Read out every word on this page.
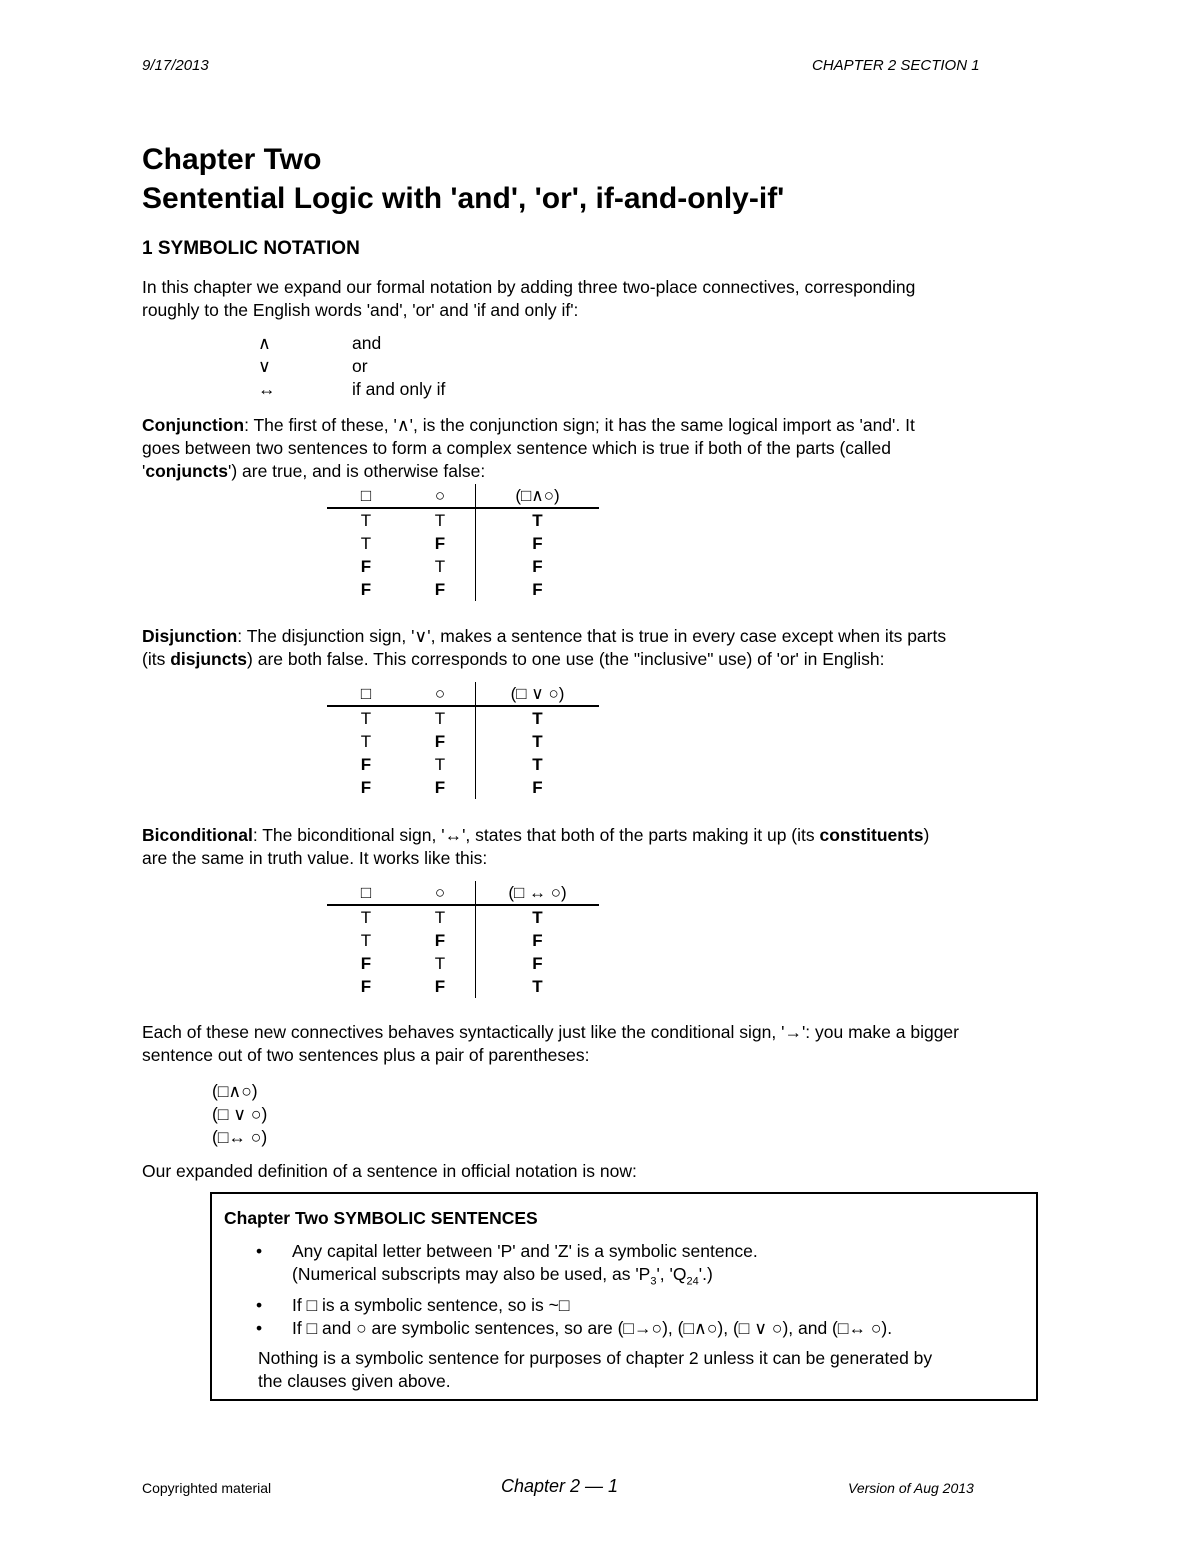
9/17/2013	CHAPTER 2 SECTION 1
Chapter Two
Sentential Logic with 'and', 'or', if-and-only-if'
1 SYMBOLIC NOTATION
In this chapter we expand our formal notation by adding three two-place connectives, corresponding
roughly to the English words 'and', 'or' and 'if and only if':
∧	and
∨	or
↔	if and only if
Conjunction: The first of these, '∧', is the conjunction sign; it has the same logical import as 'and'. It
goes between two sentences to form a complex sentence which is true if both of the parts (called
'conjuncts') are true, and is otherwise false:
□	○	(□∧○)
T	T	T
T	F	F
F	T	F
F	F	F
Disjunction: The disjunction sign, '∨', makes a sentence that is true in every case except when its parts
(its disjuncts) are both false. This corresponds to one use (the "inclusive" use) of 'or' in English:
□	○	(□ ∨ ○)
T	T	T
T	F	T
F	T	T
F	F	F
Biconditional: The biconditional sign, '↔', states that both of the parts making it up (its constituents)
are the same in truth value. It works like this:
□	○	(□ ↔ ○)
T	T	T
T	F	F
F	T	F
F	F	T
Each of these new connectives behaves syntactically just like the conditional sign, '→': you make a bigger
sentence out of two sentences plus a pair of parentheses:
(□∧○)
(□ ∨ ○)
(□↔ ○)
Our expanded definition of a sentence in official notation is now:
Chapter Two SYMBOLIC SENTENCES
• Any capital letter between 'P' and 'Z' is a symbolic sentence.
(Numerical subscripts may also be used, as '$P_3$', '$Q_{24}$'.)
• If □ is a symbolic sentence, so is ~□
• If □ and ○ are symbolic sentences, so are (□→○), (□∧○), (□ ∨ ○), and (□↔ ○).
Nothing is a symbolic sentence for purposes of chapter 2 unless it can be generated by
the clauses given above.
Copyrighted material	Chapter 2 — 1	Version of Aug 2013
